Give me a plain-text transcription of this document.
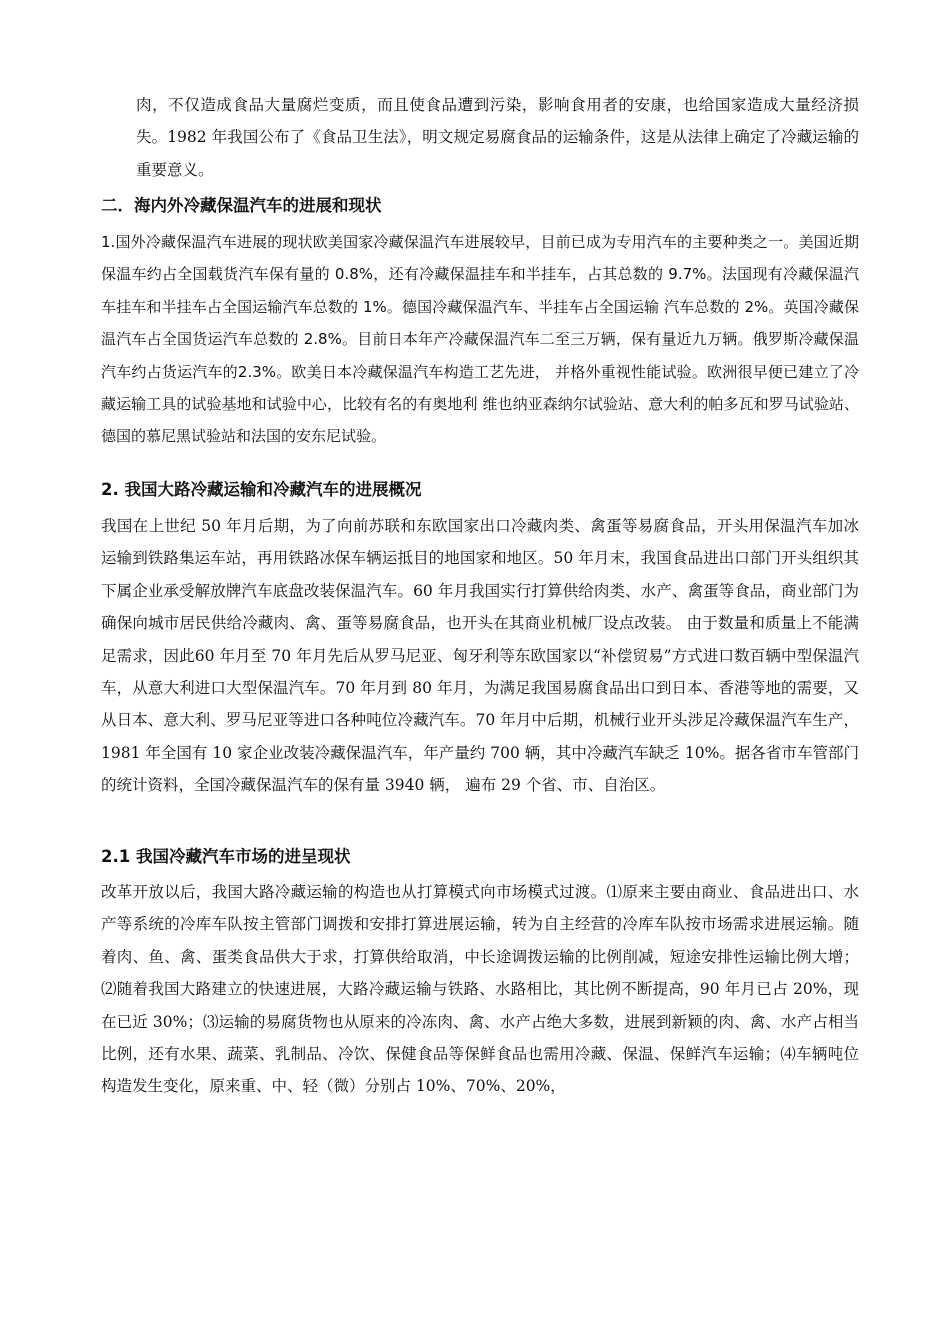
肉，不仅造成食品大量腐烂变质，而且使食品遭到污染，影响食用者的安康，也给国家造成大量经济损失。1982 年我国公布了《食品卫生法》，明文规定易腐食品的运输条件，这是从法律上确定了冷藏运输的重要意义。

二．海内外冷藏保温汽车的进展和现状

1.国外冷藏保温汽车进展的现状欧美国家冷藏保温汽车进展较早，目前已成为专用汽车的主要种类之一。美国近期保温车约占全国载货汽车保有量的 0.8%，还有冷藏保温挂车和半挂车，占其总数的 9.7%。法国现有冷藏保温汽车挂车和半挂车占全国运输汽车总数的 1%。德国冷藏保温汽车、半挂车占全国运输 汽车总数的 2%。英国冷藏保温汽车占全国货运汽车总数的 2.8%。目前日本年产冷藏保温汽车二至三万辆，保有量近九万辆。俄罗斯冷藏保温汽车约占货运汽车的2.3%。欧美日本冷藏保温汽车构造工艺先进， 并格外重视性能试验。欧洲很早便已建立了冷藏运输工具的试验基地和试验中心，比较有名的有奥地利 维也纳亚森纳尔试验站、意大利的帕多瓦和罗马试验站、德国的慕尼黑试验站和法国的安东尼试验。

2. 我国大路冷藏运输和冷藏汽车的进展概况

我国在上世纪 50 年月后期，为了向前苏联和东欧国家出口冷藏肉类、禽蛋等易腐食品，开头用保温汽车加冰运输到铁路集运车站，再用铁路冰保车辆运抵目的地国家和地区。50 年月末，我国食品进出口部门开头组织其下属企业承受解放牌汽车底盘改装保温汽车。60 年月我国实行打算供给肉类、水产、禽蛋等食品，商业部门为确保向城市居民供给冷藏肉、禽、蛋等易腐食品，也开头在其商业机械厂设点改装。 由于数量和质量上不能满足需求，因此60 年月至 70 年月先后从罗马尼亚、匈牙利等东欧国家以“补偿贸易”方式进口数百辆中型保温汽车，从意大利进口大型保温汽车。70 年月到 80 年月，为满足我国易腐食品出口到日本、香港等地的需要，又从日本、意大利、罗马尼亚等进口各种吨位冷藏汽车。70 年月中后期，机械行业开头涉足冷藏保温汽车生产，1981 年全国有 10 家企业改装冷藏保温汽车，年产量约 700 辆，其中冷藏汽车缺乏 10%。据各省市车管部门的统计资料，全国冷藏保温汽车的保有量 3940 辆， 遍布 29 个省、市、自治区。

2.1 我国冷藏汽车市场的进呈现状

改革开放以后，我国大路冷藏运输的构造也从打算模式向市场模式过渡。⑴原来主要由商业、食品进出口、水产等系统的冷库车队按主管部门调拨和安排打算进展运输，转为自主经营的冷库车队按市场需求进展运输。随着肉、鱼、禽、蛋类食品供大于求，打算供给取消，中长途调拨运输的比例削减，短途安排性运输比例大增；⑵随着我国大路建立的快速进展，大路冷藏运输与铁路、水路相比，其比例不断提高，90 年月已占 20%，现在已近 30%；⑶运输的易腐货物也从原来的冷冻肉、禽、水产占绝大多数，进展到新颖的肉、禽、水产占相当比例，还有水果、蔬菜、乳制品、冷饮、保健食品等保鲜食品也需用冷藏、保温、保鲜汽车运输；⑷车辆吨位构造发生变化，原来重、中、轻（微）分别占 10%、70%、20%，
